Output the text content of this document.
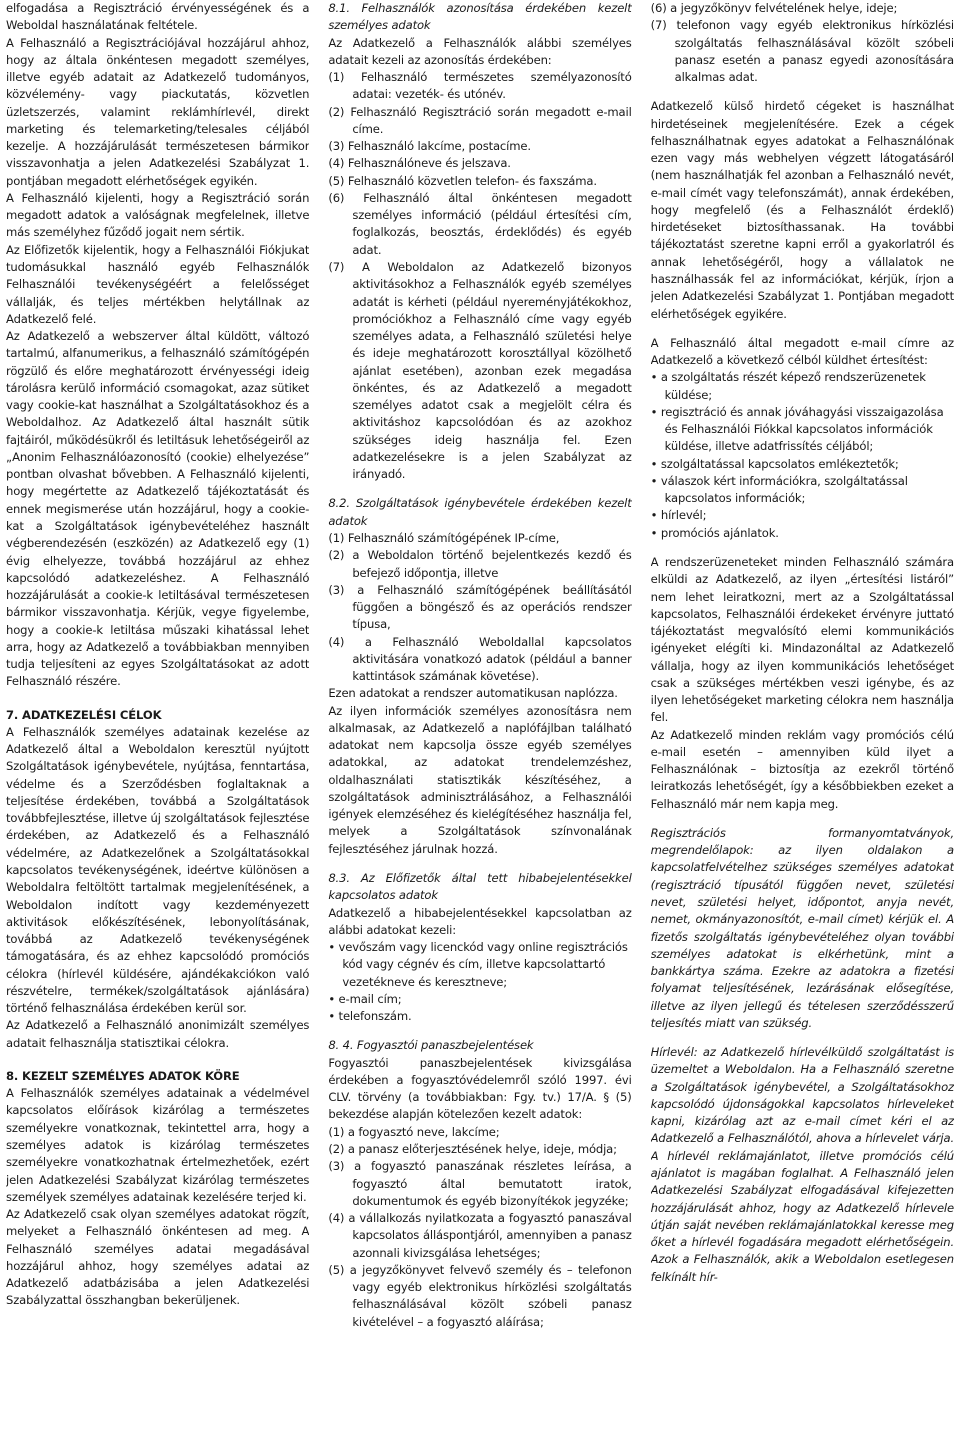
elfogadása a Regisztráció érvényességének és a Weboldal használatának feltétele.

A Felhasználó a Regisztrációjával hozzájárul ahhoz, hogy az általa önkéntesen megadott személyes, illetve egyéb adatait az Adatkezelő tudományos, közvélemény- vagy piackutatás, közvetlen üzletszerzés, valamint reklámhírlevél, direkt marketing és telemarketing/telesales céljából kezelje. A hozzájárulását természetesen bármikor visszavonhatja a jelen Adatkezelési Szabályzat 1. pontjában megadott elérhetőségek egyikén.

A Felhasználó kijelenti, hogy a Regisztráció során megadott adatok a valóságnak megfelelnek, illetve más személyhez fűződő jogait nem sértik.

Az Előfizetők kijelentik, hogy a Felhasználói Fiókjukat tudomásukkal használó egyéb Felhasználók Felhasználói tevékenységéért a felelősséget vállalják, és teljes mértékben helytállnak az Adatkezelő felé.

Az Adatkezelő a webszerver által küldött, változó tartalmú, alfanumerikus, a felhasználó számítógépén rögzülő és előre meghatározott érvényességi ideig tárolásra kerülő információ csomagokat, azaz sütiket vagy cookie-kat használhat a Szolgáltatásokhoz és a Weboldalhoz. Az Adatkezelő által használt sütik fajtáiról, működésükről és letiltásuk lehetőségeiről az „Anonim Felhasználóazonosító (cookie) elhelyezése” pontban olvashat bővebben. A Felhasználó kijelenti, hogy megértette az Adatkezelő tájékoztatását és ennek megismerése után hozzájárul, hogy a cookie-kat a Szolgáltatások igénybevételéhez használt végberendezésén (eszközén) az Adatkezelő egy (1) évig elhelyezze, továbbá hozzájárul az ehhez kapcsolódó adatkezeléshez. A Felhasználó hozzájárulását a cookie-k letiltásával természetesen bármikor visszavonhatja. Kérjük, vegye figyelembe, hogy a cookie-k letiltása műszaki kihatással lehet arra, hogy az Adatkezelő a továbbiakban mennyiben tudja teljesíteni az egyes Szolgáltatásokat az adott Felhasználó részére.

7. ADATKEZELÉSI CÉLOK

A Felhasználók személyes adatainak kezelése az Adatkezelő által a Weboldalon keresztül nyújtott Szolgáltatások igénybevétele, nyújtása, fenntartása, védelme és a Szerződésben foglaltaknak a teljesítése érdekében, továbbá a Szolgáltatások továbbfejlesztése, illetve új szolgáltatások fejlesztése érdekében, az Adatkezelő és a Felhasználó védelmére, az Adatkezelőnek a Szolgáltatásokkal kapcsolatos tevékenységének, ideértve különösen a Weboldalra feltöltött tartalmak megjelenítésének, a Weboldalon indított vagy kezdeményezett aktivitások előkészítésének, lebonyolításának, továbbá az Adatkezelő tevékenységének támogatására, és az ehhez kapcsolódó promóciós célokra (hírlevél küldésére, ajándékakciókon való részvételre, termékek/szolgáltatások ajánlására) történő felhasználása érdekében kerül sor.

Az Adatkezelő a Felhasználó anonimizált személyes adatait felhasználja statisztikai célokra.

8. KEZELT SZEMÉLYES ADATOK KÖRE

A Felhasználók személyes adatainak a védelmével kapcsolatos előírások kizárólag a természetes személyekre vonatkoznak, tekintettel arra, hogy a személyes adatok is kizárólag természetes személyekre vonatkozhatnak értelmezhetőek, ezért jelen Adatkezelési Szabályzat kizárólag természetes személyek személyes adatainak kezelésére terjed ki.

Az Adatkezelő csak olyan személyes adatokat rögzít, melyeket a Felhasználó önkéntesen ad meg. A Felhasználó személyes adatai megadásával hozzájárul ahhoz, hogy személyes adatai az Adatkezelő adatbázisába a jelen Adatkezelési Szabályzattal összhangban bekerüljenek.

8.1. Felhasználók azonosítása érdekében kezelt személyes adatok

Az Adatkezelő a Felhasználók alábbi személyes adatait kezeli az azonosítás érdekében:

(1) Felhasználó természetes személyazonosító adatai: vezeték- és utónév.

(2) Felhasználó Regisztráció során megadott e-mail címe.

(3) Felhasználó lakcíme, postacíme.

(4) Felhasználóneve és jelszava.

(5) Felhasználó közvetlen telefon- és faxszáma.

(6) Felhasználó által önkéntesen megadott személyes információ (például értesítési cím, foglalkozás, beosztás, érdeklődés) és egyéb adat.

(7) A Weboldalon az Adatkezelő bizonyos aktivitásokhoz a Felhasználók egyéb személyes adatát is kérheti (például nyereményjátékokhoz, promóciókhoz a Felhasználó címe vagy egyéb személyes adata, a Felhasználó születési helye és ideje meghatározott korosztállyal közölhető ajánlat esetében), azonban ezek megadása önkéntes, és az Adatkezelő a megadott személyes adatot csak a megjelölt célra és aktivitáshoz kapcsolódóan és az azokhoz szükséges ideig használja fel. Ezen adatkezelésekre is a jelen Szabályzat az irányadó.

8.2. Szolgáltatások igénybevétele érdekében kezelt adatok

(1) Felhasználó számítógépének IP-címe,

(2) a Weboldalon történő bejelentkezés kezdő és befejező időpontja, illetve

(3) a Felhasználó számítógépének beállításától függően a böngésző és az operációs rendszer típusa,

(4) a Felhasználó Weboldallal kapcsolatos aktivitására vonatkozó adatok (például a banner kattintások számának követése).

Ezen adatokat a rendszer automatikusan naplózza.

Az ilyen információk személyes azonosításra nem alkalmasak, az Adatkezelő a naplófájlban található adatokat nem kapcsolja össze egyéb személyes adatokkal, az adatokat trendelemzéshez, oldalhasználati statisztikák készítéséhez, a szolgáltatások adminisztrálásához, a Felhasználói igények elemzéséhez és kielégítéséhez használja fel, melyek a Szolgáltatások színvonalának fejlesztéséhez járulnak hozzá.

8.3. Az Előfizetők által tett hibabejelentésekkel kapcsolatos adatok

Adatkezelő a hibabejelentésekkel kapcsolatban az alábbi adatokat kezeli:

• vevőszám vagy licenckód vagy online regisztrációs kód vagy cégnév és cím, illetve kapcsolattartó vezetékneve és keresztneve;

• e-mail cím;

• telefonszám.

8. 4. Fogyasztói panaszbejelentések

Fogyasztói panaszbejelentések kivizsgálása érdekében a fogyasztóvédelemről szóló 1997. évi CLV. törvény (a továbbiakban: Fgy. tv.) 17/A. § (5) bekezdése alapján kötelezően kezelt adatok:

(1) a fogyasztó neve, lakcíme;

(2) a panasz előterjesztésének helye, ideje, módja;

(3) a fogyasztó panaszának részletes leírása, a fogyasztó által bemutatott iratok, dokumentumok és egyéb bizonyítékok jegyzéke;

(4) a vállalkozás nyilatkozata a fogyasztó panaszával kapcsolatos álláspontjáról, amennyiben a panasz azonnali kivizsgálása lehetséges;

(5) a jegyzőkönyvet felvevő személy és – telefonon vagy egyéb elektronikus hírközlési szolgáltatás felhasználásával közölt szóbeli panasz kivételével – a fogyasztó aláírása;

(6) a jegyzőkönyv felvételének helye, ideje;

(7) telefonon vagy egyéb elektronikus hírközlési szolgáltatás felhasználásával közölt szóbeli panasz esetén a panasz egyedi azonosítására alkalmas adat.

Adatkezelő külső hirdető cégeket is használhat hirdetéseinek megjelenítésére. Ezek a cégek felhasználhatnak egyes adatokat a Felhasználónak ezen vagy más webhelyen végzett látogatásáról (nem használhatják fel azonban a Felhasználó nevét, e-mail címét vagy telefonszámát), annak érdekében, hogy megfelelő (és a Felhasználót érdeklő) hirdetéseket biztosíthassanak. Ha további tájékoztatást szeretne kapni erről a gyakorlatról és annak lehetőségéről, hogy a vállalatok ne használhassák fel az információkat, kérjük, írjon a jelen Adatkezelési Szabályzat 1. Pontjában megadott elérhetőségek egyikére.

A Felhasználó által megadott e-mail címre az Adatkezelő a következő célból küldhet értesítést:

• a szolgáltatás részét képező rendszerüzenetek küldése;

• regisztráció és annak jóváhagyási visszaigazolása és Felhasználói Fiókkal kapcsolatos információk küldése, illetve adatfrissítés céljából;

• szolgáltatással kapcsolatos emlékeztetők;

• válaszok kért információkra, szolgáltatással kapcsolatos információk;

• hírlevél;

• promóciós ajánlatok.

A rendszerüzeneteket minden Felhasználó számára elküldi az Adatkezelő, az ilyen „értesítési listáról” nem lehet leiratkozni, mert az a Szolgáltatással kapcsolatos, Felhasználói érdekeket érvényre juttató tájékoztatást megvalósító elemi kommunikációs igényeket elégíti ki. Mindazonáltal az Adatkezelő vállalja, hogy az ilyen kommunikációs lehetőséget csak a szükséges mértékben veszi igénybe, és az ilyen lehetőségeket marketing célokra nem használja fel.

Az Adatkezelő minden reklám vagy promóciós célú e-mail esetén – amennyiben küld ilyet a Felhasználónak – biztosítja az ezekről történő leiratkozás lehetőségét, így a későbbiekben ezeket a Felhasználó már nem kapja meg.

Regisztrációs formanyomtatványok, megrendelőlapok: az ilyen oldalakon a kapcsolatfelvételhez szükséges személyes adatokat (regisztráció típusától függően nevet, születési nevet, születési helyet, időpontot, anyja nevét, nemet, okmányazonosítót, e-mail címet) kérjük el. A fizetős szolgáltatás igénybevételéhez olyan további személyes adatokat is elkérhetünk, mint a bankkártya száma. Ezekre az adatokra a fizetési folyamat teljesítésének, lezárásának elősegítése, illetve az ilyen jellegű és tételesen szerződésszerű teljesítés miatt van szükség.

Hírlevél: az Adatkezelő hírlevélküldő szolgáltatást is üzemeltet a Weboldalon. Ha a Felhasználó szeretne a Szolgáltatások igénybevétel, a Szolgáltatásokhoz kapcsolódó újdonságokkal kapcsolatos hírleveleket kapni, kizárólag azt az e-mail címet kéri el az Adatkezelő a Felhasználótól, ahova a hírlevelet várja. A hírlevél reklámajánlatot, illetve promóciós célú ajánlatot is magában foglalhat. A Felhasználó jelen Adatkezelési Szabályzat elfogadásával kifejezetten hozzájárulását ahhoz, hogy az Adatkezelő hírlevele útján saját nevében reklámajánlatokkal keresse meg őket a hírlevél fogadására megadott elérhetőségein. Azok a Felhasználók, akik a Weboldalon esetlegesen felkínált hír-
